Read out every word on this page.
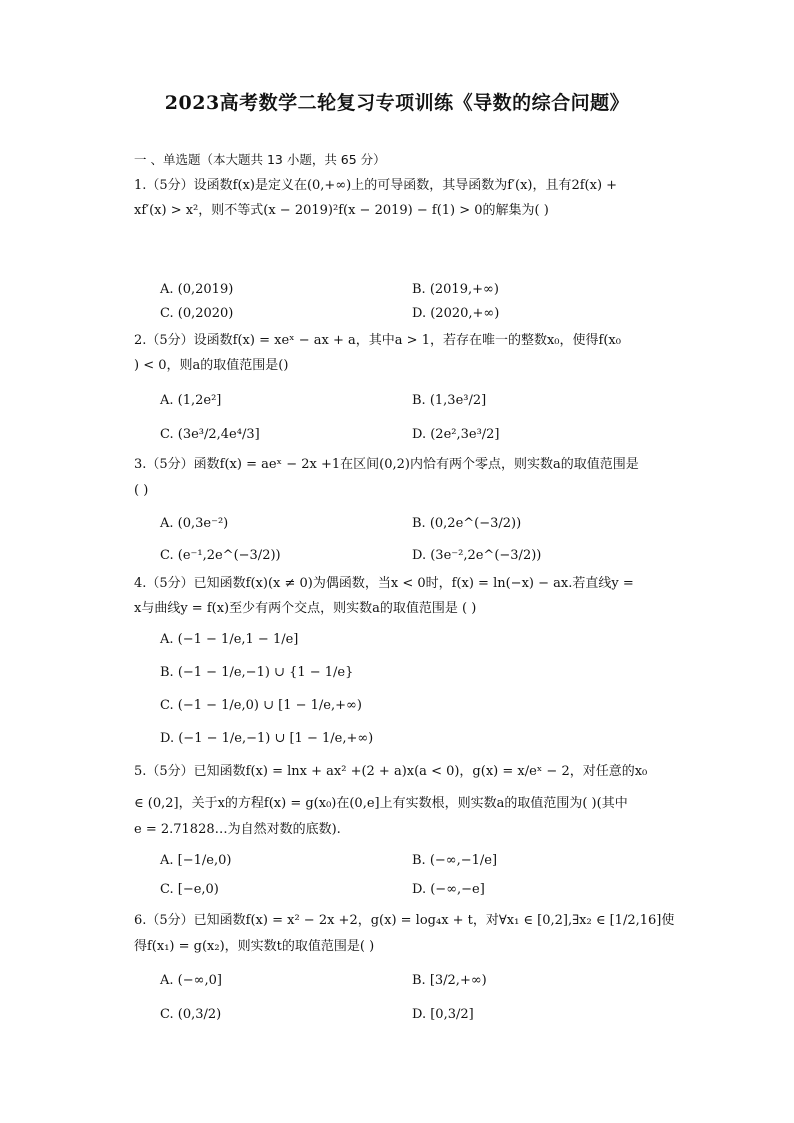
2023高考数学二轮复习专项训练《导数的综合问题》
一 、单选题（本大题共 13 小题，共 65 分）
1.（5分）设函数f(x)是定义在(0,+∞)上的可导函数，其导函数为f′(x)，且有2f(x) +
xf′(x) > x²，则不等式(x − 2019)²f(x − 2019) − f(1) > 0的解集为( )
A. (0,2019)	B. (2019,+∞)
C. (0,2020)	D. (2020,+∞)
2.（5分）设函数f(x) = xeˣ − ax + a，其中a > 1，若存在唯一的整数x₀，使得f(x₀
) < 0，则a的取值范围是()
A. (1,2e²]	B. (1,3e³/2]
C. (3e³/2,4e⁴/3]	D. (2e²,3e³/2]
3.（5分）函数f(x) = aeˣ − 2x +1在区间(0,2)内恰有两个零点，则实数a的取值范围是
( )
A. (0,3e⁻²)	B. (0,2e^(−3/2))
C. (e⁻¹,2e^(−3/2))	D. (3e⁻²,2e^(−3/2))
4.（5分）已知函数f(x)(x ≠ 0)为偶函数，当x < 0时，f(x) = ln(−x) − ax.若直线y =
x与曲线y = f(x)至少有两个交点，则实数a的取值范围是 ( )
A. (−1 − 1/e,1 − 1/e]
B. (−1 − 1/e,−1) ∪ {1 − 1/e}
C. (−1 − 1/e,0) ∪ [1 − 1/e,+∞)
D. (−1 − 1/e,−1) ∪ [1 − 1/e,+∞)
5.（5分）已知函数f(x) = lnx + ax² +(2 + a)x(a < 0)，g(x) = x/eˣ − 2，对任意的x₀
∈ (0,2]，关于x的方程f(x) = g(x₀)在(0,e]上有实数根，则实数a的取值范围为( )(其中
e = 2.71828…为自然对数的底数).
A. [−1/e,0)	B. (−∞,−1/e]
C. [−e,0)	D. (−∞,−e]
6.（5分）已知函数f(x) = x² − 2x +2，g(x) = log₄x + t，对∀x₁ ∈ [0,2],∃x₂ ∈ [1/2,16]使
得f(x₁) = g(x₂)，则实数t的取值范围是( )
A. (−∞,0]	B. [3/2,+∞)
C. (0,3/2)	D. [0,3/2]
